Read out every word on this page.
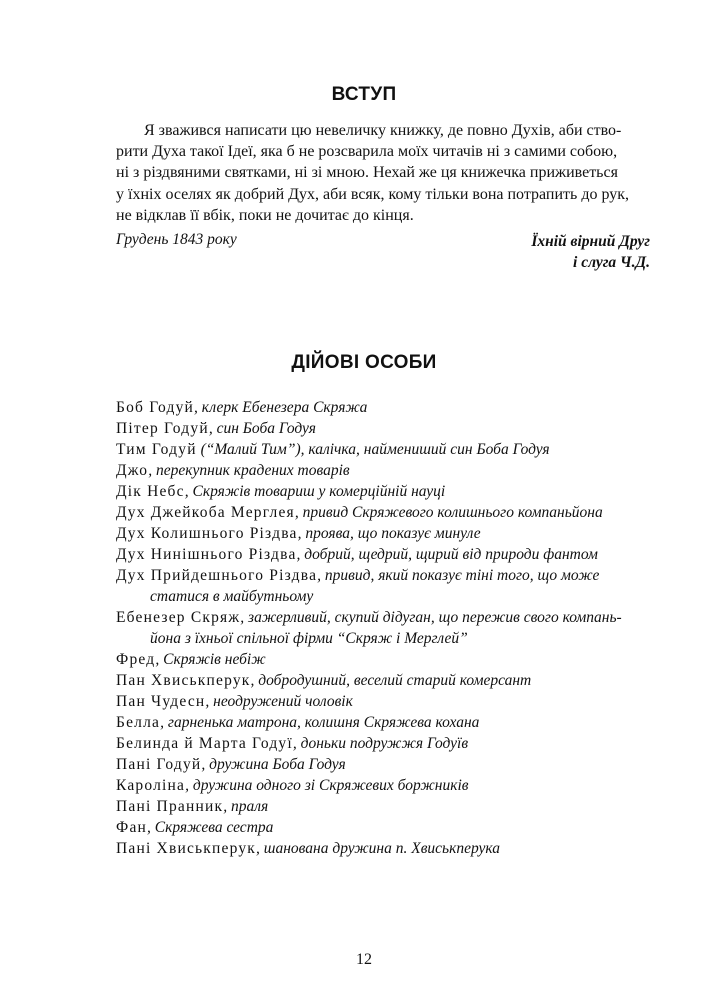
ВСТУП
Я зважився написати цю невеличку книжку, де повно Духів, аби ство-
рити Духа такої Ідеї, яка б не розсварила моїх читачів ні з самими собою,
ні з різдвяними святками, ні зі мною. Нехай же ця книжечка приживеться
у їхніх оселях як добрий Дух, аби всяк, кому тільки вона потрапить до рук,
не відклав її вбік, поки не дочитає до кінця.
Грудень 1843 року	Їхній вірний Друг
і слуга Ч.Д.
ДІЙОВІ ОСОБИ
Боб Годуй, клерк Ебенезера Скряжа
Пітер Годуй, син Боба Годуя
Тим Годуй (“Малий Тим”), калічка, наймениший син Боба Годуя
Джо, перекупник крадених товарів
Дік Небс, Скряжів товариш у комерційній науці
Дух Джейкоба Мерглея, привид Скряжевого колишнього компаньйона
Дух Колишнього Різдва, проява, що показує минуле
Дух Нинішнього Різдва, добрий, щедрий, щирий від природи фантом
Дух Прийдешнього Різдва, привид, який показує тіні того, що може
статися в майбутньому
Ебенезер Скряж, зажерливий, скупий дідуган, що пережив свого компань-
йона з їхньої спільної фірми “Скряж і Мерглей”
Фред, Скряжів небіж
Пан Хвиськперук, добродушний, веселий старий комерсант
Пан Чудесн, неодружений чоловік
Белла, гарненька матрона, колишня Скряжева кохана
Белинда й Марта Годуї, доньки подружжя Годуїв
Пані Годуй, дружина Боба Годуя
Кароліна, дружина одного зі Скряжевих боржників
Пані Пранник, праля
Фан, Скряжева сестра
Пані Хвиськперук, шанована дружина п. Хвиськперука
12
